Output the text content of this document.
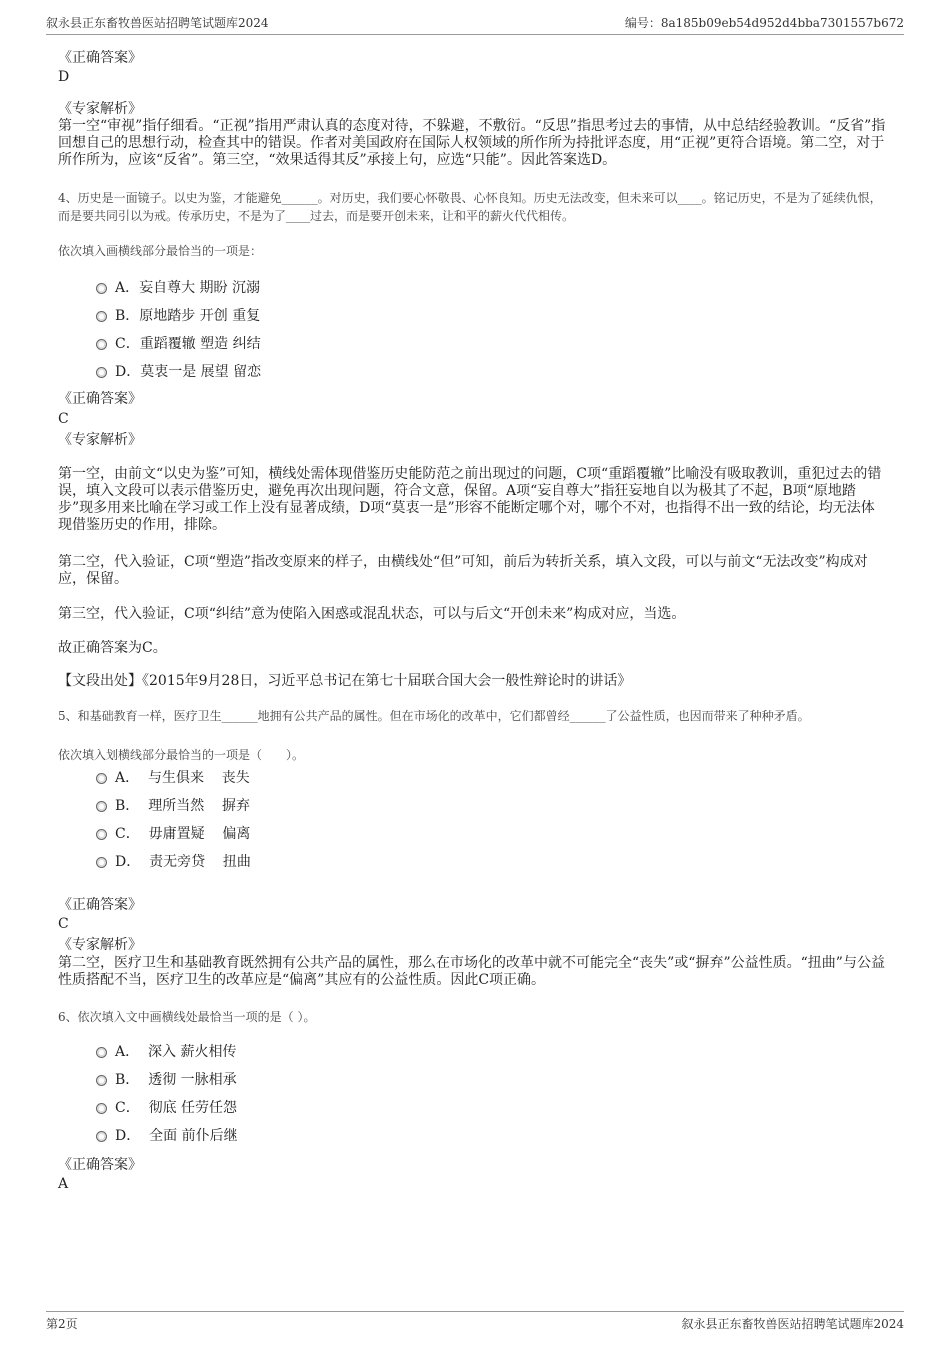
叙永县正东畜牧兽医站招聘笔试题库2024	编号：8a185b09eb54d952d4bba7301557b672
《正确答案》
D
《专家解析》
第一空“审视”指仔细看。“正视”指用严肃认真的态度对待，不躲避，不敷衍。“反思”指思考过去的事情，从中总结经验教训。“反省”指回想自己的思想行动，检查其中的错误。作者对美国政府在国际人权领域的所作所为持批评态度，用“正视”更符合语境。第二空，对于所作所为，应该“反省”。第三空，“效果适得其反”承接上句，应选“只能”。因此答案选D。
4、历史是一面镜子。以史为鉴，才能避免______。对历史，我们要心怀敬畏、心怀良知。历史无法改变，但未来可以____。铭记历史，不是为了延续仇恨，而是要共同引以为戒。传承历史，不是为了____过去，而是要开创未来，让和平的薪火代代相传。
依次填入画横线部分最恰当的一项是：
A．妄自尊大 期盼 沉溺
B．原地踏步 开创 重复
C．重蹈覆辙 塑造 纠结
D．莫衷一是 展望 留恋
《正确答案》
C
《专家解析》
第一空，由前文“以史为鉴”可知，横线处需体现借鉴历史能防范之前出现过的问题，C项“重蹈覆辙”比喻没有吸取教训，重犯过去的错误，填入文段可以表示借鉴历史，避免再次出现问题，符合文意，保留。A项“妄自尊大”指狂妄地自以为极其了不起，B项“原地踏步”现多用来比喻在学习或工作上没有显著成绩，D项“莫衷一是”形容不能断定哪个对，哪个不对，也指得不出一致的结论，均无法体现借鉴历史的作用，排除。
第二空，代入验证，C项“塑造”指改变原来的样子，由横线处“但”可知，前后为转折关系，填入文段，可以与前文“无法改变”构成对应，保留。
第三空，代入验证，C项“纠结”意为使陷入困惑或混乱状态，可以与后文“开创未来”构成对应，当选。
故正确答案为C。
【文段出处】《2015年9月28日，习近平总书记在第七十届联合国大会一般性辩论时的讲话》
5、和基础教育一样，医疗卫生______地拥有公共产品的属性。但在市场化的改革中，它们都曾经______了公益性质，也因而带来了种种矛盾。
依次填入划横线部分最恰当的一项是（　　）。
A．  与生俱来    丧失
B．  理所当然    摒弃
C．  毋庸置疑    偏离
D．  责无旁贷    扭曲
《正确答案》
C
《专家解析》
第二空，医疗卫生和基础教育既然拥有公共产品的属性，那么在市场化的改革中就不可能完全“丧失”或“摒弃”公益性质。“扭曲”与公益性质搭配不当，医疗卫生的改革应是“偏离”其应有的公益性质。因此C项正确。
6、依次填入文中画横线处最恰当一项的是（ ）。
A．  深入 薪火相传
B．  透彻 一脉相承
C．  彻底 任劳任怨
D．  全面 前仆后继
《正确答案》
A
第2页	叙永县正东畜牧兽医站招聘笔试题库2024
